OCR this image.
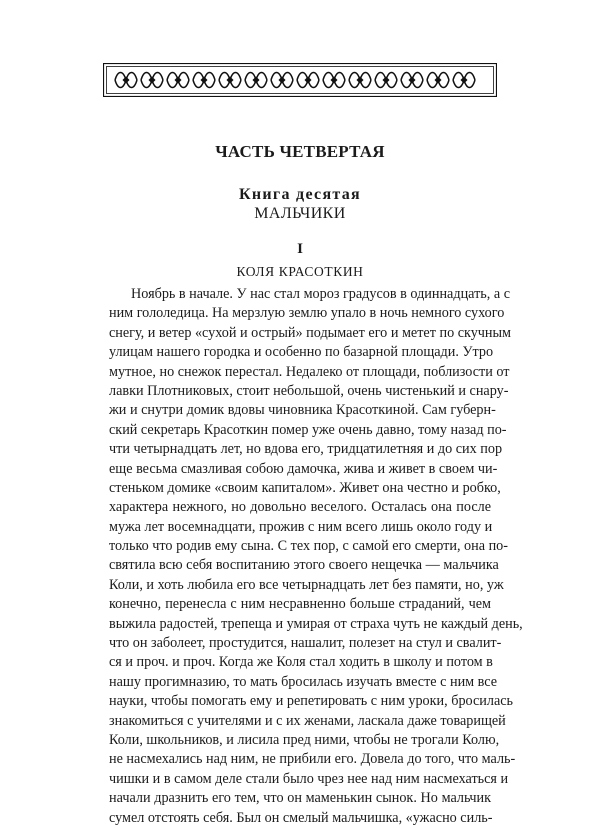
ЧАСТЬ ЧЕТВЕРТАЯ
Книга десятая
МАЛЬЧИКИ
I
КОЛЯ КРАСОТКИН
Ноябрь в начале. У нас стал мороз градусов в одиннадцать, а с
ним гололедица. На мерзлую землю упало в ночь немного сухого
снегу, и ветер «сухой и острый» подымает его и метет по скучным
улицам нашего городка и особенно по базарной площади. Утро
мутное, но снежок перестал. Недалеко от площади, поблизости от
лавки Плотниковых, стоит небольшой, очень чистенький и снару-
жи и снутри домик вдовы чиновника Красоткиной. Сам губерн-
ский секретарь Красоткин помер уже очень давно, тому назад по-
чти четырнадцать лет, но вдова его, тридцатилетняя и до сих пор
еще весьма смазливая собою дамочка, жива и живет в своем чи-
стеньком домике «своим капиталом». Живет она честно и робко,
характера нежного, но довольно веселого. Осталась она после
мужа лет восемнадцати, прожив с ним всего лишь около году и
только что родив ему сына. С тех пор, с самой его смерти, она по-
святила всю себя воспитанию этого своего нещечка — мальчика
Коли, и хоть любила его все четырнадцать лет без памяти, но, уж
конечно, перенесла с ним несравненно больше страданий, чем
выжила радостей, трепеща и умирая от страха чуть не каждый день,
что он заболеет, простудится, нашалит, полезет на стул и свалит-
ся и проч. и проч. Когда же Коля стал ходить в школу и потом в
нашу прогимназию, то мать бросилась изучать вместе с ним все
науки, чтобы помогать ему и репетировать с ним уроки, бросилась
знакомиться с учителями и с их женами, ласкала даже товарищей
Коли, школьников, и лисила пред ними, чтобы не трогали Колю,
не насмехались над ним, не прибили его. Довела до того, что маль-
чишки и в самом деле стали было чрез нее над ним насмехаться и
начали дразнить его тем, что он маменькин сынок. Но мальчик
сумел отстоять себя. Был он смелый мальчишка, «ужасно силь-
